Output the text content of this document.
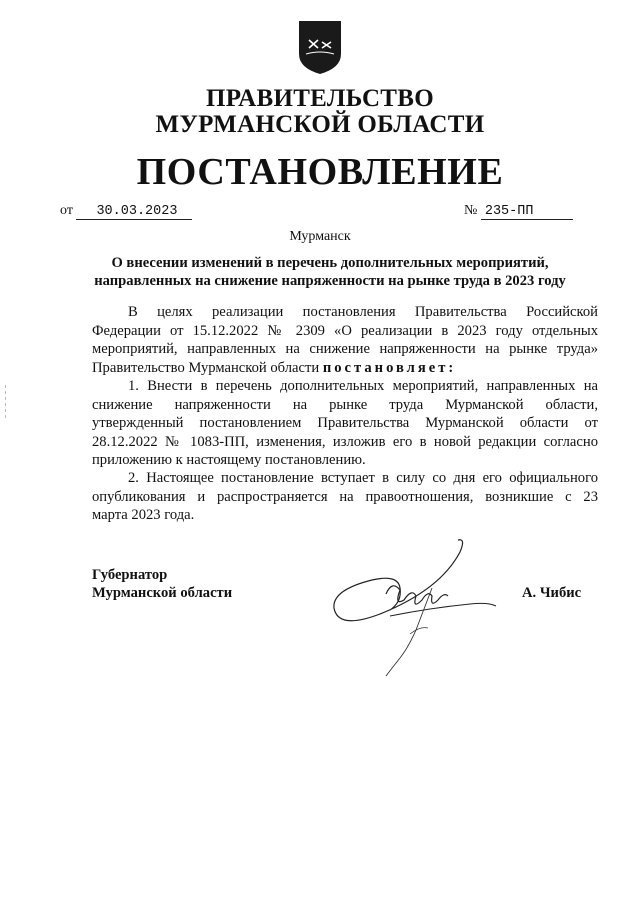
ПРАВИТЕЛЬСТВО
МУРМАНСКОЙ ОБЛАСТИ
ПОСТАНОВЛЕНИЕ
от 30.03.2023	№ 235-ПП
Мурманск
О внесении изменений в перечень дополнительных мероприятий,
направленных на снижение напряженности на рынке труда в 2023 году
В целях реализации постановления Правительства Российской
Федерации от 15.12.2022 № 2309 «О реализации в 2023 году отдельных
мероприятий, направленных на снижение напряженности на рынке труда»
Правительство Мурманской области постановляет:
1. Внести в перечень дополнительных мероприятий, направленных на
снижение напряженности на рынке труда Мурманской области,
утвержденный постановлением Правительства Мурманской области от
28.12.2022 № 1083-ПП, изменения, изложив его в новой редакции согласно
приложению к настоящему постановлению.
2. Настоящее постановление вступает в силу со дня его официального
опубликования и распространяется на правоотношения, возникшие с 23
марта 2023 года.
Губернатор
Мурманской области	А. Чибис
